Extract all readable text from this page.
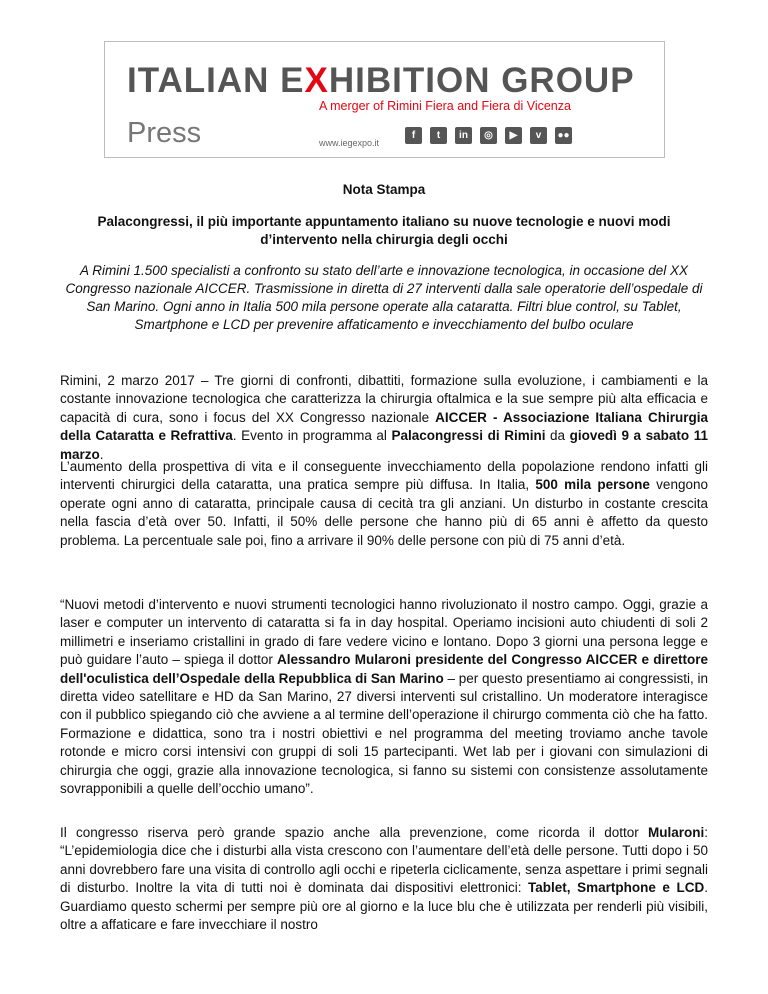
ITALIAN EXHIBITION GROUP
A merger of Rimini Fiera and Fiera di Vicenza
Press	www.iegexpo.it
f	t	in	◎	▶	v	●●
Nota Stampa
Palacongressi, il più importante appuntamento italiano su nuove tecnologie e nuovi modi d’intervento nella chirurgia degli occhi
A Rimini 1.500 specialisti a confronto su stato dell’arte e innovazione tecnologica, in occasione del XX Congresso nazionale AICCER. Trasmissione in diretta di 27 interventi dalla sale operatorie dell’ospedale di San Marino. Ogni anno in Italia 500 mila persone operate alla cataratta. Filtri blue control, su Tablet, Smartphone e LCD per prevenire affaticamento e invecchiamento del bulbo oculare

Rimini, 2 marzo 2017 – Tre giorni di confronti, dibattiti, formazione sulla evoluzione, i cambiamenti e la costante innovazione tecnologica che caratterizza la chirurgia oftalmica e la sue sempre più alta efficacia e capacità di cura, sono i focus del XX Congresso nazionale AICCER - Associazione Italiana Chirurgia della Cataratta e Refrattiva. Evento in programma al Palacongressi di Rimini da giovedì 9 a sabato 11 marzo.

L’aumento della prospettiva di vita e il conseguente invecchiamento della popolazione rendono infatti gli interventi chirurgici della cataratta, una pratica sempre più diffusa. In Italia, 500 mila persone vengono operate ogni anno di cataratta, principale causa di cecità tra gli anziani. Un disturbo in costante crescita nella fascia d’età over 50. Infatti, il 50% delle persone che hanno più di 65 anni è affetto da questo problema. La percentuale sale poi, fino a arrivare il 90% delle persone con più di 75 anni d’età.

“Nuovi metodi d’intervento e nuovi strumenti tecnologici hanno rivoluzionato il nostro campo. Oggi, grazie a laser e computer un intervento di cataratta si fa in day hospital. Operiamo incisioni auto chiudenti di soli 2 millimetri e inseriamo cristallini in grado di fare vedere vicino e lontano. Dopo 3 giorni una persona legge e può guidare l’auto – spiega il dottor Alessandro Mularoni presidente del Congresso AICCER e direttore dell'oculistica dell’Ospedale della Repubblica di San Marino – per questo presentiamo ai congressisti, in diretta video satellitare e HD da San Marino, 27 diversi interventi sul cristallino. Un moderatore interagisce con il pubblico spiegando ciò che avviene a al termine dell’operazione il chirurgo commenta ciò che ha fatto. Formazione e didattica, sono tra i nostri obiettivi e nel programma del meeting troviamo anche tavole rotonde e micro corsi intensivi con gruppi di soli 15 partecipanti. Wet lab per i giovani con simulazioni di chirurgia che oggi, grazie alla innovazione tecnologica, si fanno su sistemi con consistenze assolutamente sovrapponibili a quelle dell’occhio umano”.

Il congresso riserva però grande spazio anche alla prevenzione, come ricorda il dottor Mularoni: “L’epidemiologia dice che i disturbi alla vista crescono con l’aumentare dell’età delle persone. Tutti dopo i 50 anni dovrebbero fare una visita di controllo agli occhi e ripeterla ciclicamente, senza aspettare i primi segnali di disturbo. Inoltre la vita di tutti noi è dominata dai dispositivi elettronici: Tablet, Smartphone e LCD. Guardiamo questo schermi per sempre più ore al giorno e la luce blu che è utilizzata per renderli più visibili, oltre a affaticare e fare invecchiare il nostro
